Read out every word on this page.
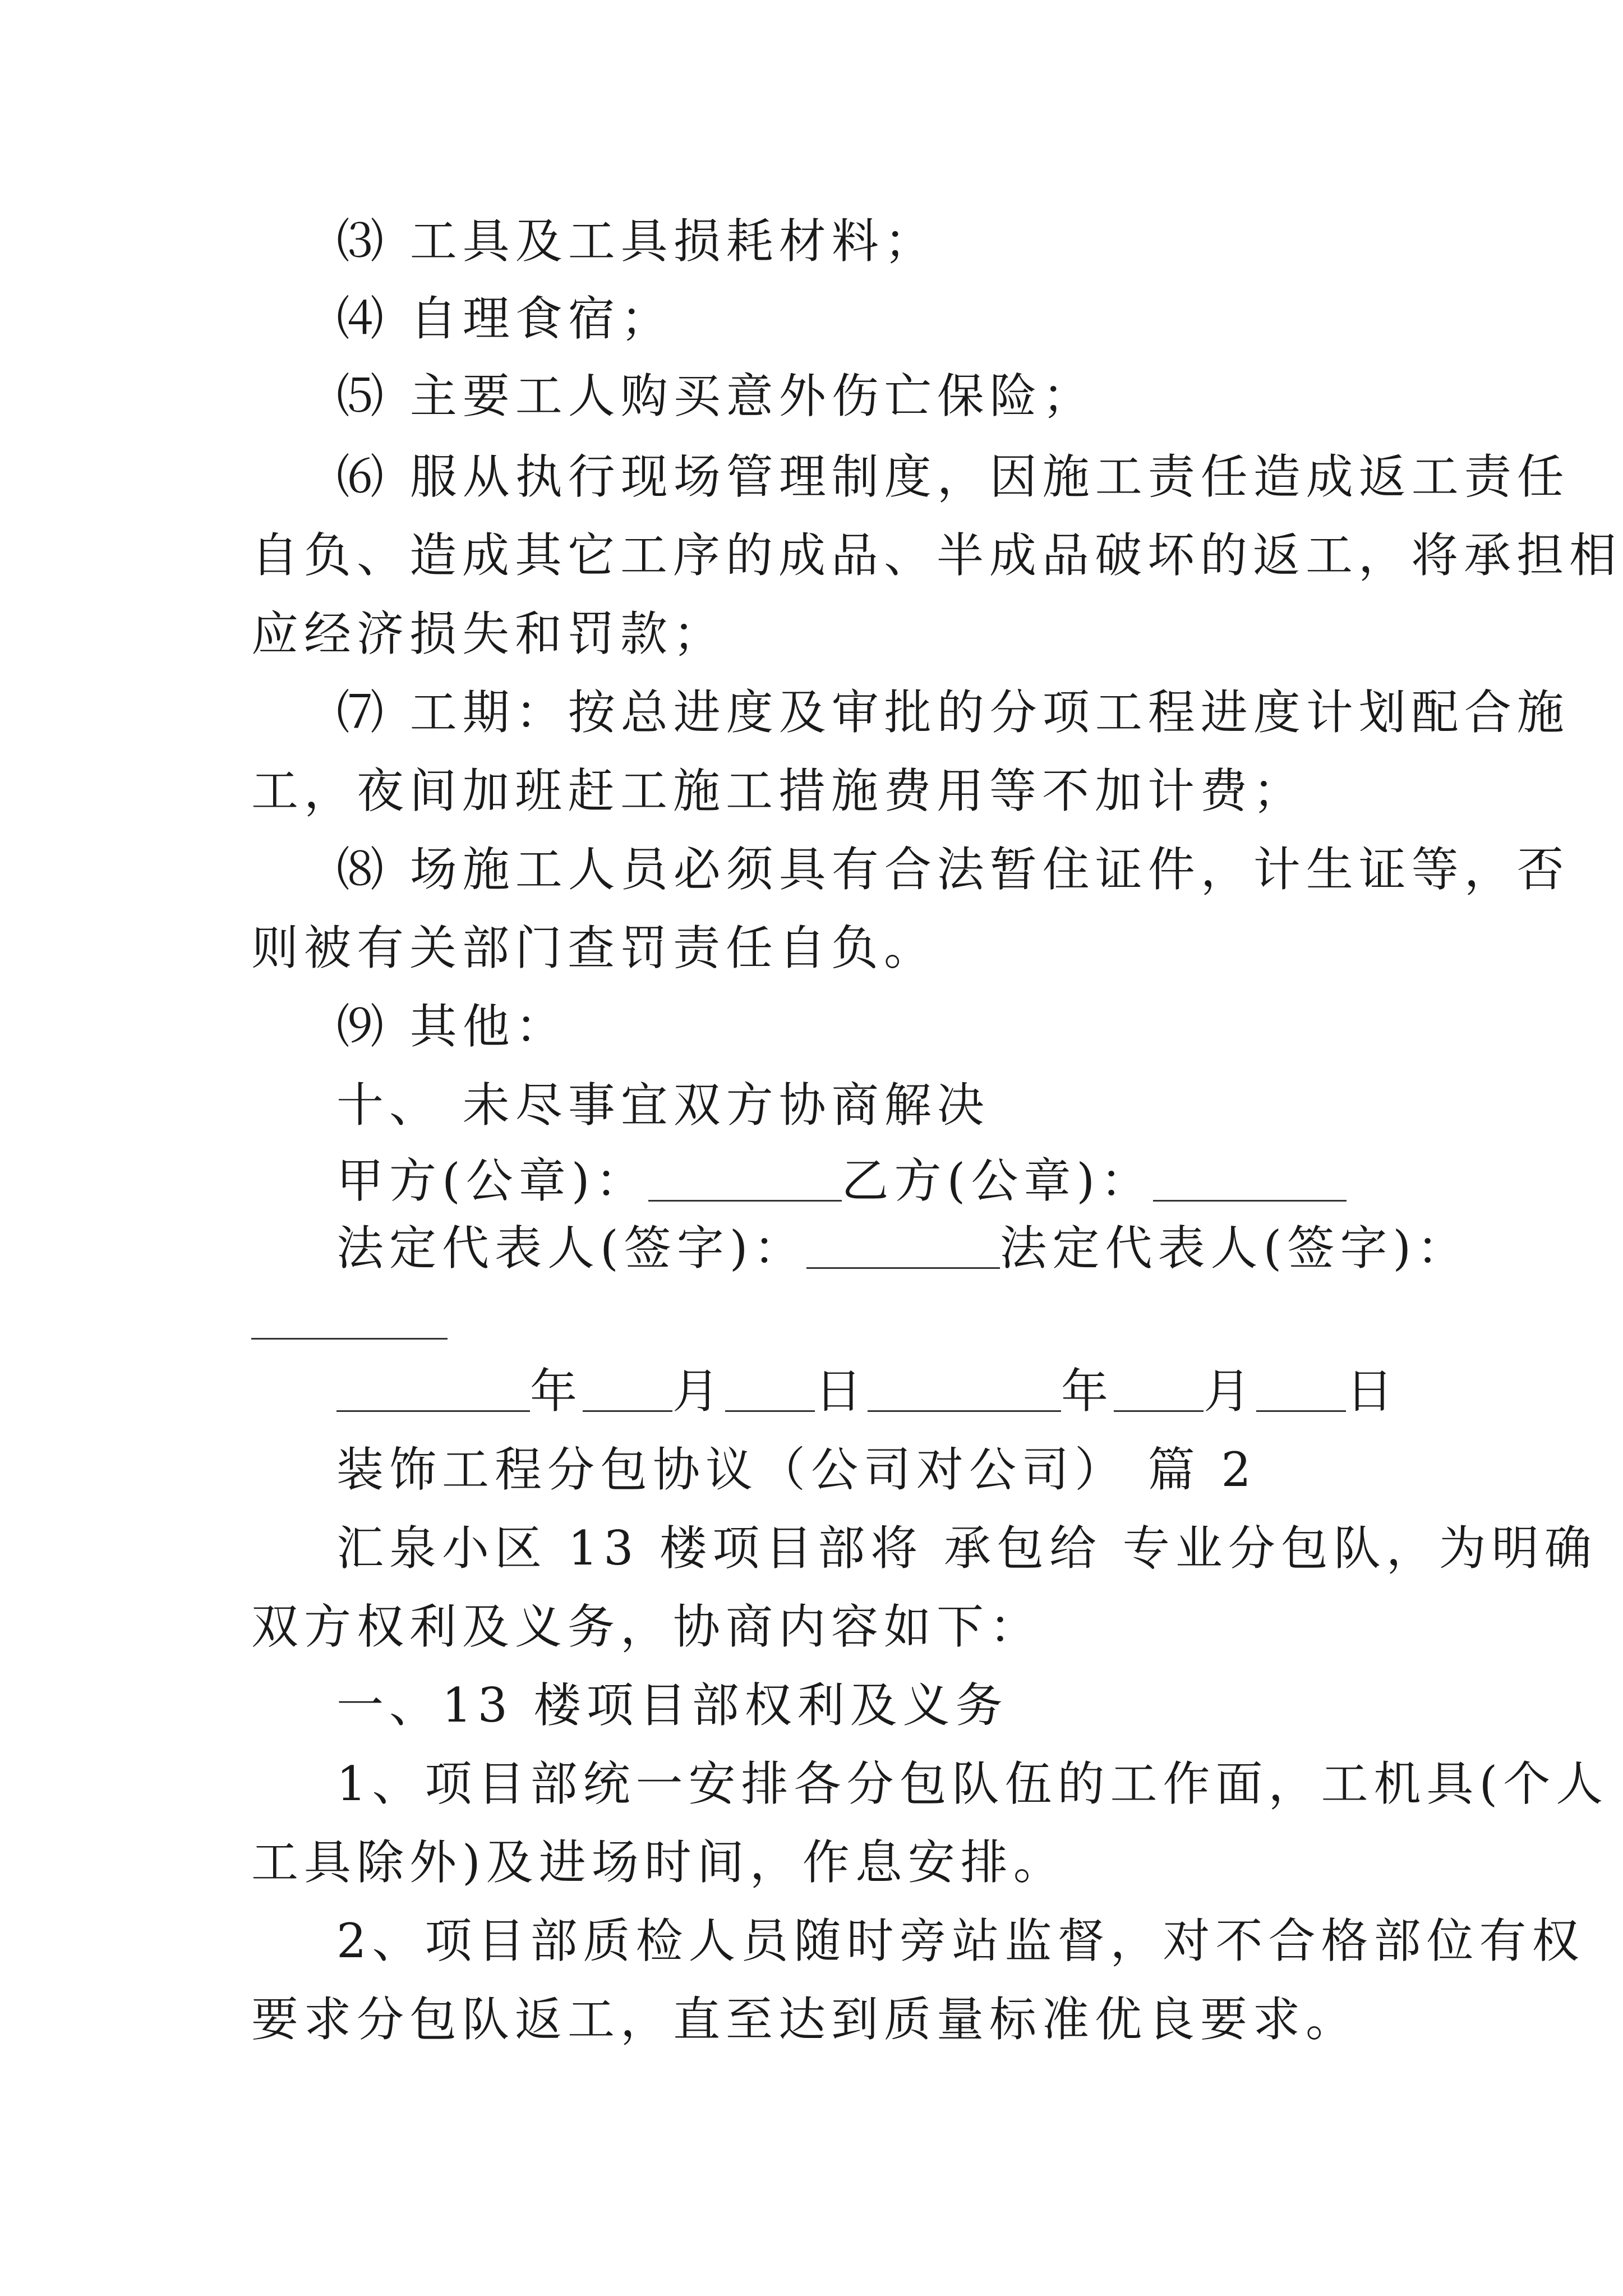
⑶ 工具及工具损耗材料；

⑷ 自理食宿；

⑸ 主要工人购买意外伤亡保险；

⑹ 服从执行现场管理制度，因施工责任造成返工责任

自负、造成其它工序的成品、半成品破坏的返工，将承担相

应经济损失和罚款；

⑺ 工期：按总进度及审批的分项工程进度计划配合施

工，夜间加班赶工施工措施费用等不加计费；

⑻ 场施工人员必须具有合法暂住证件，计生证等，否

则被有关部门查罚责任自负。

⑼ 其他：

十、 未尽事宜双方协商解决

甲方(公章)：	乙方(公章)：

法定代表人(签字)：	法定代表人(签字)：

年 月 日	年 月 日

装饰工程分包协议（公司对公司） 篇 2

汇泉小区 13 楼项目部将 承包给 专业分包队，为明确

双方权利及义务，协商内容如下：

一、13 楼项目部权利及义务

1、项目部统一安排各分包队伍的工作面，工机具(个人

工具除外)及进场时间，作息安排。

2、项目部质检人员随时旁站监督，对不合格部位有权

要求分包队返工，直至达到质量标准优良要求。
